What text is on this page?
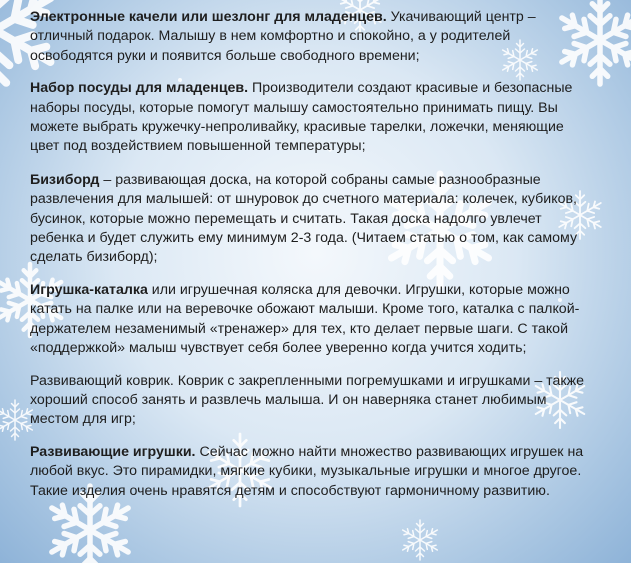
Электронные качели или шезлонг для младенцев. Укачивающий центр – отличный подарок. Малышу в нем комфортно и спокойно, а у родителей освободятся руки и появится больше свободного времени;

Набор посуды для младенцев. Производители создают красивые и безопасные наборы посуды, которые помогут малышу самостоятельно принимать пищу. Вы можете выбрать кружечку-непроливайку, красивые тарелки, ложечки, меняющие цвет под воздействием повышенной температуры;

Бизиборд – развивающая доска, на которой собраны самые разнообразные развлечения для малышей: от шнуровок до счетного материала: колечек, кубиков, бусинок, которые можно перемещать и считать. Такая доска надолго увлечет ребенка и будет служить ему минимум 2-3 года. (Читаем статью о том, как самому сделать бизиборд);

Игрушка-каталка или игрушечная коляска для девочки. Игрушки, которые можно катать на палке или на веревочке обожают малыши. Кроме того, каталка с палкой-держателем незаменимый «тренажер» для тех, кто делает первые шаги. С такой «поддержкой» малыш чувствует себя более уверенно когда учится ходить;

Развивающий коврик. Коврик с закрепленными погремушками и игрушками – также хороший способ занять и развлечь малыша. И он наверняка станет любимым местом для игр;

Развивающие игрушки. Сейчас можно найти множество развивающих игрушек на любой вкус. Это пирамидки, мягкие кубики, музыкальные игрушки и многое другое. Такие изделия очень нравятся детям и способствуют гармоничному развитию.
